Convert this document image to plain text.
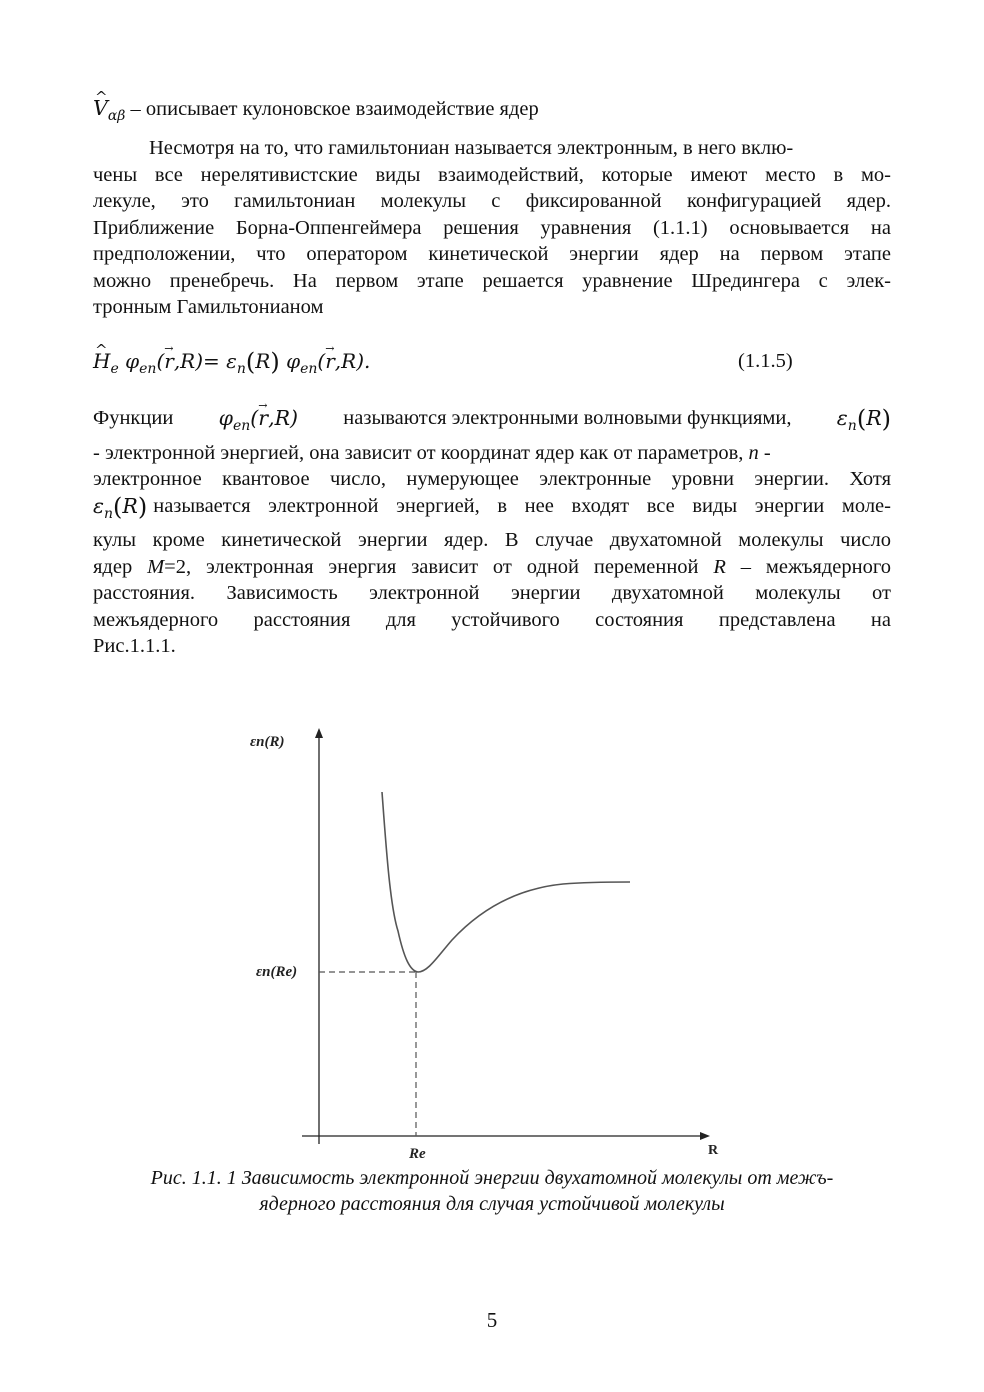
^ $V_{\alpha\beta}$ – описывает кулоновское взаимодействие ядер
Несмотря на то, что гамильтониан называется электронным, в него вклю-
чены все нерелятивистские виды взаимодействий, которые имеют место в мо-
лекуле, это гамильтониан молекулы с фиксированной конфигурацией ядер.
Приближение Борна-Оппенгеймера решения уравнения (1.1.1) основывается на
предположении, что оператором кинетической энергии ядер на первом этапе
можно пренебречь. На первом этапе решается уравнение Шредингера с элек-
тронным Гамильтонианом
^ $H_e$ $\varphi_{en}(\to r,R)= \varepsilon_n(R)$ $\varphi_{en}(\to r,R)$.	(1.1.5)
Функции $\varphi_{en}(\to r,R)$ называются электронными волновыми функциями, $\varepsilon_n(R)$
- электронной энергией, она зависит от координат ядер как от параметров, n -
электронное квантовое число, нумерующее электронные уровни энергии. Хотя
$\varepsilon_n(R)$ называется электронной энергией, в нее входят все виды энергии моле-
кулы кроме кинетической энергии ядер. В случае двухатомной молекулы число
ядер M=2, электронная энергия зависит от одной переменной R – межъядерного
расстояния. Зависимость электронной энергии двухатомной молекулы от
межъядерного расстояния для устойчивого состояния представлена на
Рис.1.1.1.
εn(R)
R
εn(Re)
Re
Рис. 1.1. 1 Зависимость электронной энергии двухатомной молекулы от межъ-
ядерного расстояния для случая устойчивой молекулы
5
